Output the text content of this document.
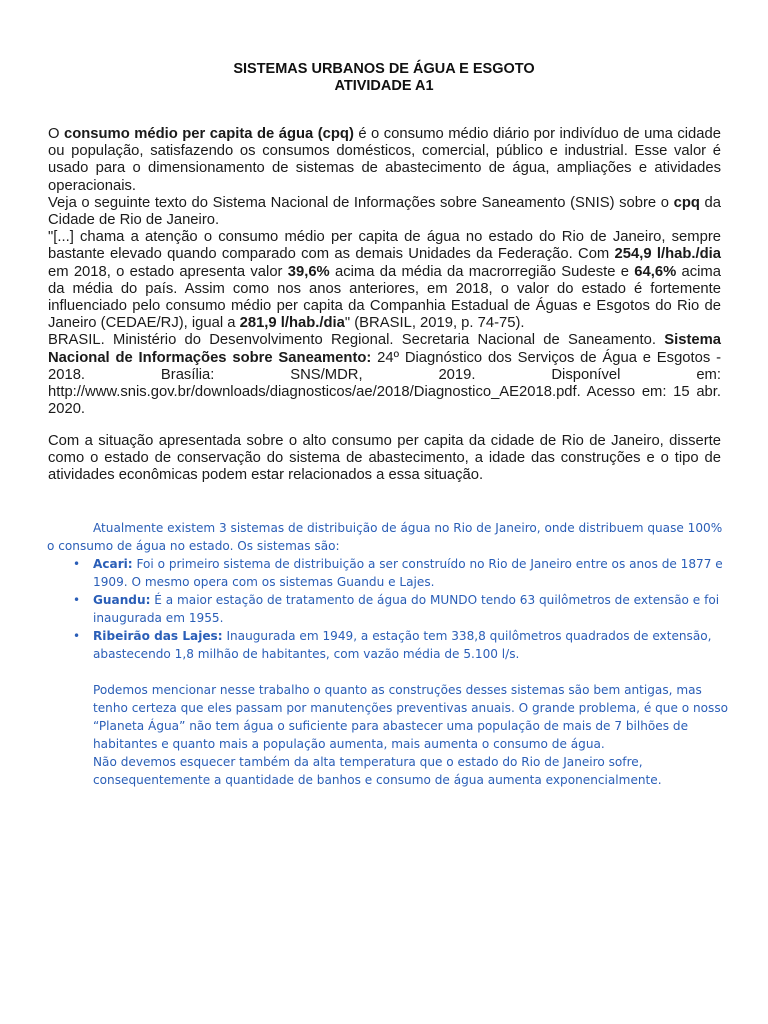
SISTEMAS URBANOS DE ÁGUA E ESGOTO
ATIVIDADE A1

O consumo médio per capita de água (cpq) é o consumo médio diário por indivíduo de uma cidade ou população, satisfazendo os consumos domésticos, comercial, público e industrial. Esse valor é usado para o dimensionamento de sistemas de abastecimento de água, ampliações e atividades operacionais.

Veja o seguinte texto do Sistema Nacional de Informações sobre Saneamento (SNIS) sobre o cpq da Cidade de Rio de Janeiro.

"[...] chama a atenção o consumo médio per capita de água no estado do Rio de Janeiro, sempre bastante elevado quando comparado com as demais Unidades da Federação. Com 254,9 l/hab./dia em 2018, o estado apresenta valor 39,6% acima da média da macrorregião Sudeste e 64,6% acima da média do país. Assim como nos anos anteriores, em 2018, o valor do estado é fortemente influenciado pelo consumo médio per capita da Companhia Estadual de Águas e Esgotos do Rio de Janeiro (CEDAE/RJ), igual a 281,9 l/hab./dia" (BRASIL, 2019, p. 74-75).

BRASIL. Ministério do Desenvolvimento Regional. Secretaria Nacional de Saneamento. Sistema Nacional de Informações sobre Saneamento: 24º Diagnóstico dos Serviços de Água e Esgotos - 2018. Brasília: SNS/MDR, 2019. Disponível em: http://www.snis.gov.br/downloads/diagnosticos/ae/2018/Diagnostico_AE2018.pdf. Acesso em: 15 abr. 2020.

Com a situação apresentada sobre o alto consumo per capita da cidade de Rio de Janeiro, disserte como o estado de conservação do sistema de abastecimento, a idade das construções e o tipo de atividades econômicas podem estar relacionados a essa situação.

Atualmente existem 3 sistemas de distribuição de água no Rio de Janeiro, onde distribuem quase 100% o consumo de água no estado. Os sistemas são:

• Acari: Foi o primeiro sistema de distribuição a ser construído no Rio de Janeiro entre os anos de 1877 e 1909. O mesmo opera com os sistemas Guandu e Lajes.
• Guandu: É a maior estação de tratamento de água do MUNDO tendo 63 quilômetros de extensão e foi inaugurada em 1955.
• Ribeirão das Lajes: Inaugurada em 1949, a estação tem 338,8 quilômetros quadrados de extensão, abastecendo 1,8 milhão de habitantes, com vazão média de 5.100 l/s.

Podemos mencionar nesse trabalho o quanto as construções desses sistemas são bem antigas, mas tenho certeza que eles passam por manutenções preventivas anuais. O grande problema, é que o nosso “Planeta Água” não tem água o suficiente para abastecer uma população de mais de 7 bilhões de habitantes e quanto mais a população aumenta, mais aumenta o consumo de água.

Não devemos esquecer também da alta temperatura que o estado do Rio de Janeiro sofre, consequentemente a quantidade de banhos e consumo de água aumenta exponencialmente.
